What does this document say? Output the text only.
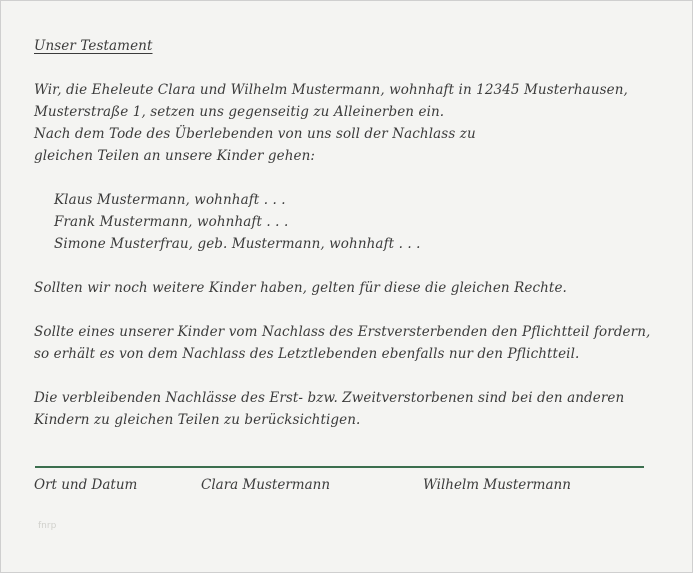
Unser Testament
Wir, die Eheleute Clara und Wilhelm Mustermann, wohnhaft in 12345 Musterhausen,
Musterstraße 1, setzen uns gegenseitig zu Alleinerben ein.
Nach dem Tode des Überlebenden von uns soll der Nachlass zu
gleichen Teilen an unsere Kinder gehen:
Klaus Mustermann, wohnhaft . . .
Frank Mustermann, wohnhaft . . .
Simone Musterfrau, geb. Mustermann, wohnhaft . . .
Sollten wir noch weitere Kinder haben, gelten für diese die gleichen Rechte.
Sollte eines unserer Kinder vom Nachlass des Erstversterbenden den Pflichtteil fordern,
so erhält es von dem Nachlass des Letztlebenden ebenfalls nur den Pflichtteil.
Die verbleibenden Nachlässe des Erst- bzw. Zweitverstorbenen sind bei den anderen
Kindern zu gleichen Teilen zu berücksichtigen.
Ort und Datum	Clara Mustermann	Wilhelm Mustermann
fnrp
